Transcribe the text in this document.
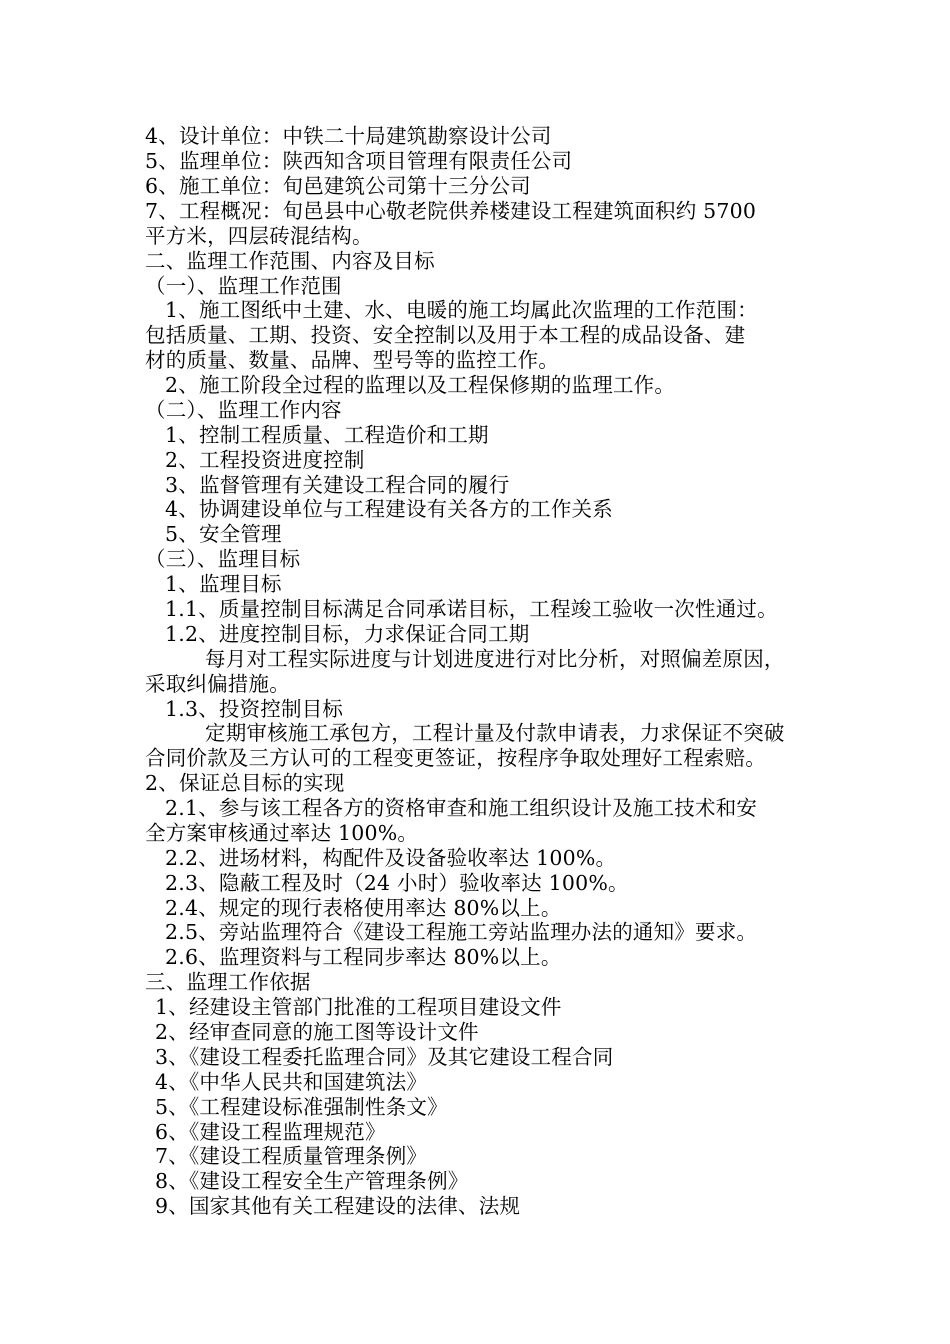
4、设计单位：中铁二十局建筑勘察设计公司
5、监理单位：陕西知含项目管理有限责任公司
6、施工单位：旬邑建筑公司第十三分公司
7、工程概况：旬邑县中心敬老院供养楼建设工程建筑面积约 5700
平方米，四层砖混结构。
二、监理工作范围、内容及目标
（一）、监理工作范围
1、施工图纸中土建、水、电暖的施工均属此次监理的工作范围：
包括质量、工期、投资、安全控制以及用于本工程的成品设备、建
材的质量、数量、品牌、型号等的监控工作。
2、施工阶段全过程的监理以及工程保修期的监理工作。
（二）、监理工作内容
1、控制工程质量、工程造价和工期
2、工程投资进度控制
3、监督管理有关建设工程合同的履行
4、协调建设单位与工程建设有关各方的工作关系
5、安全管理
（三）、监理目标
1、监理目标
1.1、质量控制目标满足合同承诺目标，工程竣工验收一次性通过。
1.2、进度控制目标，力求保证合同工期
每月对工程实际进度与计划进度进行对比分析，对照偏差原因，
采取纠偏措施。
1.3、投资控制目标
定期审核施工承包方，工程计量及付款申请表，力求保证不突破
合同价款及三方认可的工程变更签证，按程序争取处理好工程索赔。
2、保证总目标的实现
2.1、参与该工程各方的资格审查和施工组织设计及施工技术和安
全方案审核通过率达 100%。
2.2、进场材料，构配件及设备验收率达 100%。
2.3、隐蔽工程及时（24 小时）验收率达 100%。
2.4、规定的现行表格使用率达 80%以上。
2.5、旁站监理符合《建设工程施工旁站监理办法的通知》要求。
2.6、监理资料与工程同步率达 80%以上。
三、监理工作依据
1、经建设主管部门批准的工程项目建设文件
2、经审查同意的施工图等设计文件
3、《建设工程委托监理合同》及其它建设工程合同
4、《中华人民共和国建筑法》
5、《工程建设标准强制性条文》
6、《建设工程监理规范》
7、《建设工程质量管理条例》
8、《建设工程安全生产管理条例》
9、国家其他有关工程建设的法律、法规
